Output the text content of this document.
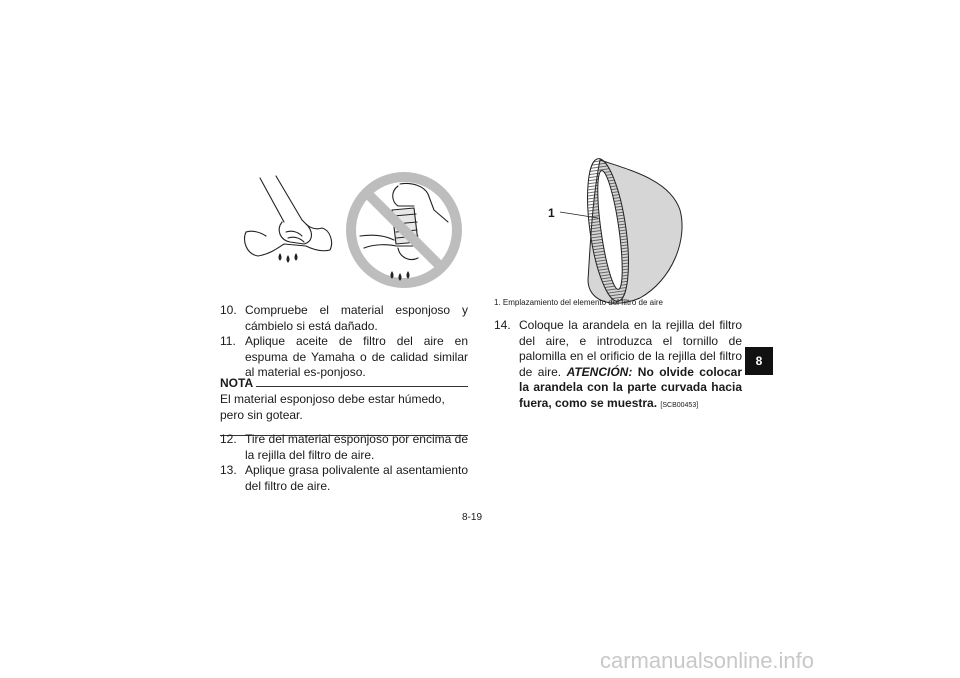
1
1. Emplazamiento del elemento del filtro de aire
10. Compruebe el material esponjoso y cámbielo si está dañado.
11. Aplique aceite de filtro del aire en espuma de Yamaha o de calidad similar al material es-ponjoso.
NOTA
El material esponjoso debe estar húmedo, pero sin gotear.
12. Tire del material esponjoso por encima de la rejilla del filtro de aire.
13. Aplique grasa polivalente al asentamiento del filtro de aire.
14. Coloque la arandela en la rejilla del filtro del aire, e introduzca el tornillo de palomilla en el orificio de la rejilla del filtro de aire. ATENCIÓN: No olvide colocar la arandela con la parte curvada hacia fuera, como se muestra. [SCB00453]
8
8-19
carmanualsonline.info
